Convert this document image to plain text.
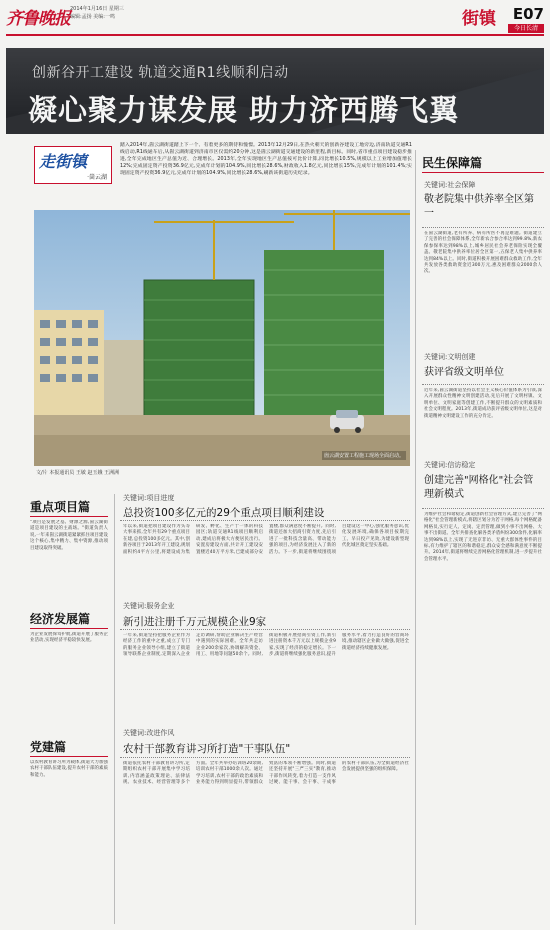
齐鲁晚报 2014年1月16日 星期三
编辑:孟扬 美编:一鸣	街镇 E07
今日长清
创新谷开工建设 轨道交通R1线顺利启动
凝心聚力谋发展 助力济西腾飞翼
走街镇
·崮云湖
踏入2014年,崮云湖街道踏上下一个、有着更多的期待和憧憬。2013年12月29日,在热火朝天的创新谷建设工地旁边,济南轨道交通R1线启动,R1线通车后,从崮云湖街道到济南市区仅需约20分钟,这是崮云湖街道交通建设的新里程,新目标。同时,省市重点项目建设稳步推进,全年完成地区生产总值为近、合理增长。2013年,全年实现地区生产总值按可比价计算,同比增长10.5%,规模以上工业增加值增长12%;完成固定资产投资36.9亿元,完成年计划的104.9%,同比增长28.6%,财政收入1.8亿元,同比增长15%,完成年计划的101.4%;实现固定资产投资36.9亿元,完成年计划的104.9%,同比增长28.6%,刷新该街道历史纪录。
崮云湖安置工程施工现场全面启动。
文/片 本报通讯员 王敏 赵玉娥 王洲洲
民生保障篇
关键词:社会保障
敬老院集中供养率全区第一
在崮云湖街道,老有所养、病有所医不再是难题。街道建立了完善的社会保障体系,全年新农合参合率达到99.8%,新农保参保率达到98%以上,城乡居民社会养老保险实现全覆盖。敬老院集中供养率位居全区第一,五保老人集中供养率达到84%以上。同时,街道积极开展困难群众救助工作,全年共发放各类救助资金近300万元,惠及困难群众2000余人次。
关键词:文明创建
获评省级文明单位
近年来,崮云湖街道坚持以社会主义核心价值体系为引领,深入开展群众性精神文明创建活动,先后开展了文明村镇、文明单位、文明家庭等创建工作,不断提升群众的文明素质和社会文明程度。2013年,街道成功获评省级文明单位,这是对街道精神文明建设工作的充分肯定。
关键词:信访稳定
创建完善"网格化"社会管理新模式
为维护社会和谐稳定,街道创新社会管理方式,建立完善了"网格化"社会管理新模式,将辖区划分为若干网格,每个网格配备网格员,实行定人、定岗、定责管理,做到小事不出网格、大事不出街道。全年共排查化解各类矛盾纠纷300余件,化解率达到98%以上,实现了无进京非访、无重大群体性事件的目标,有力维护了辖区的和谐稳定,群众安全感和满意度不断提升。2014年,街道将继续完善网格化管理机制,进一步提升社会管理水平。
重点项目篇
"项目是发展之基、财源之源,崮云湖街道是项目建设的主战场。"街道负责人说,一年来崮云湖街道紧紧抓住项目建设这个核心,集中精力、集中资源,推动项目建设取得突破。
关键词:项目进度
总投资100多亿元的29个重点项目顺利建设
年以来,街道把项目建设作为头等大事来抓,全年共有29个重点项目在建,总投资100多亿元。其中,创新谷项目于2013年开工建设,规划面积约4平方公里,将建设成为集研发、孵化、生产于一体的科技园区;轨道交通R1线项目顺利启动,建成后将极大方便居民出行。安置房建设方面,共计开工建设安置楼近40万平方米,已建成部分安置楼,群众满意度不断提升。同时,街道还加大招商引资力度,先后引进了一批科技含量高、带动能力强的项目,为经济发展注入了新的活力。下一步,街道将继续围绕项目建设这一中心,强化服务意识,优化发展环境,确保各项目按期完工、早日投产见效,为建设新型现代化城区奠定坚实基础。
经济发展篇
为企业发展保驾护航,街道开展了服务企业活动,实现经济平稳较快发展。
关键词:服务企业
新引进注册千万元规模企业9家
一年来,街道坚持把服务企业作为经济工作的重中之重,成立了专门的服务企业领导小组,建立了街道领导联系企业制度,定期深入企业走访调研,帮助企业解决生产经营中遇到的实际困难。全年共走访企业200余家次,协调解决资金、用工、用地等问题50余个。同时,街道积极开展招商引资工作,新引进注册资本千万元以上规模企业9家,实现了经济的稳定增长。下一步,街道将继续强化服务意识,提升服务水平,着力打造良好的营商环境,推动辖区企业做大做强,促进全街道经济持续健康发展。
党建篇
以农村教育讲习所为载体,街道大力加强农村干部队伍建设,提升农村干部的素质和能力。
关键词:改进作风
农村干部教育讲习所打造"干事队伍"
街道依托农村干部教育讲习所,定期组织农村干部开展集中学习培训,内容涵盖政策理论、法律法规、农业技术、经营管理等多个方面。全年共举办培训班20余期,培训农村干部1000余人次。通过学习培训,农村干部的政治素质和业务能力得到明显提升,带领群众致富的本领不断增强。同时,街道还坚持开展"三严三实"教育,推动干部作风转变,着力打造一支作风过硬、能干事、会干事、干成事的农村干部队伍,为全街道经济社会发展提供坚强的组织保障。
